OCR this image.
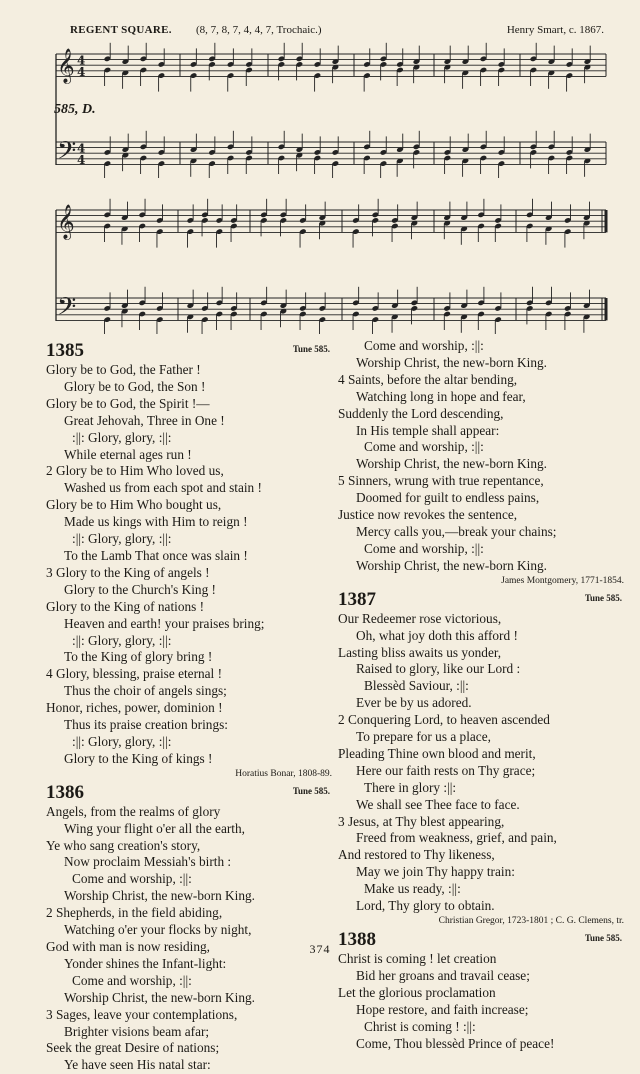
REGENT SQUARE. (8, 7, 8, 7, 4, 4, 7, Trochaic.)	Henry Smart, c. 1867.
𝄞 4
4
𝄢 4
4
𝄞
𝄢
585, D.
1385	Tune 585.
Glory be to God, the Father !
Glory be to God, the Son !
Glory be to God, the Spirit !—
Great Jehovah, Three in One !
:||: Glory, glory, :||:
While eternal ages run !
2 Glory be to Him Who loved us,
Washed us from each spot and stain !
Glory be to Him Who bought us,
Made us kings with Him to reign !
:||: Glory, glory, :||:
To the Lamb That once was slain !
3 Glory to the King of angels !
Glory to the Church's King !
Glory to the King of nations !
Heaven and earth! your praises bring;
:||: Glory, glory, :||:
To the King of glory bring !
4 Glory, blessing, praise eternal !
Thus the choir of angels sings;
Honor, riches, power, dominion !
Thus its praise creation brings:
:||: Glory, glory, :||:
Glory to the King of kings !
Horatius Bonar, 1808-89.
1386	Tune 585.
Angels, from the realms of glory
Wing your flight o'er all the earth,
Ye who sang creation's story,
Now proclaim Messiah's birth :
Come and worship, :||:
Worship Christ, the new-born King.
2 Shepherds, in the field abiding,
Watching o'er your flocks by night,
God with man is now residing,
Yonder shines the Infant-light:
Come and worship, :||:
Worship Christ, the new-born King.
3 Sages, leave your contemplations,
Brighter visions beam afar;
Seek the great Desire of nations;
Ye have seen His natal star:
Come and worship, :||:
Worship Christ, the new-born King.
4 Saints, before the altar bending,
Watching long in hope and fear,
Suddenly the Lord descending,
In His temple shall appear:
Come and worship, :||:
Worship Christ, the new-born King.
5 Sinners, wrung with true repentance,
Doomed for guilt to endless pains,
Justice now revokes the sentence,
Mercy calls you,—break your chains;
Come and worship, :||:
Worship Christ, the new-born King.
James Montgomery, 1771-1854.
1387	Tune 585.
Our Redeemer rose victorious,
Oh, what joy doth this afford !
Lasting bliss awaits us yonder,
Raised to glory, like our Lord :
Blessèd Saviour, :||:
Ever be by us adored.
2 Conquering Lord, to heaven ascended
To prepare for us a place,
Pleading Thine own blood and merit,
Here our faith rests on Thy grace;
There in glory :||:
We shall see Thee face to face.
3 Jesus, at Thy blest appearing,
Freed from weakness, grief, and pain,
And restored to Thy likeness,
May we join Thy happy train:
Make us ready, :||:
Lord, Thy glory to obtain.
Christian Gregor, 1723-1801 ; C. G. Clemens, tr.
1388	Tune 585.
Christ is coming ! let creation
Bid her groans and travail cease;
Let the glorious proclamation
Hope restore, and faith increase;
Christ is coming ! :||:
Come, Thou blessèd Prince of peace!
374
